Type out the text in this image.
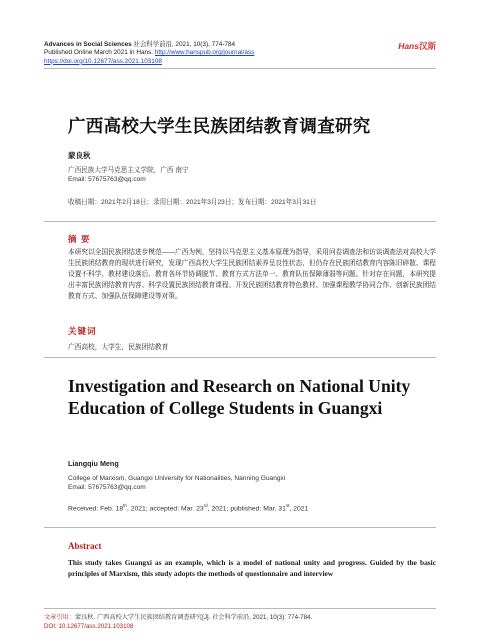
Advances in Social Sciences 社会科学前沿, 2021, 10(3), 774-784
Published Online March 2021 in Hans. http://www.hanspub.org/journal/ass
https://doi.org/10.12677/ass.2021.103108
Hans汉斯
广西高校大学生民族团结教育调查研究
蒙良秋
广西民族大学马克思主义学院，广西 南宁
Email: 57675763@qq.com
收稿日期：2021年2月18日；录用日期：2021年3月23日；发布日期：2021年3月31日
摘 要
本研究以全国民族团结进步模范——广西为例，坚持以马克思主义基本原理为指导，采用问卷调查法和访谈调查法对高校大学生民族团结教育的现状进行研究，发现广西高校大学生民族团结素养呈良性状态，但仍存在民族团结教育内容陈旧碎散、课程设置不科学、教材建设落后、教育各环节协调脱节、教育方式方法单一、教育队伍保障薄弱等问题。针对存在问题，本研究提出丰富民族团结教育内容、科学设置民族团结教育课程、开发民族团结教育特色教材、加强课程教学协同合作、创新民族团结教育方式、加强队伍保障建设等对策。
关键词
广西高校，大学生，民族团结教育
Investigation and Research on National Unity Education of College Students in Guangxi
Liangqiu Meng
College of Marxism, Guangxi University for Nationalities, Nanning Guangxi
Email: 57675763@qq.com
Received: Feb. 18th, 2021; accepted: Mar. 23rd, 2021; published: Mar. 31st, 2021
Abstract
This study takes Guangxi as an example, which is a model of national unity and progress. Guided by the basic principles of Marxism, this study adopts the methods of questionnaire and interview
文章引用：蒙良秋. 广西高校大学生民族团结教育调查研究[J]. 社会科学前沿, 2021, 10(3): 774-784.
DOI: 10.12677/ass.2021.103108
